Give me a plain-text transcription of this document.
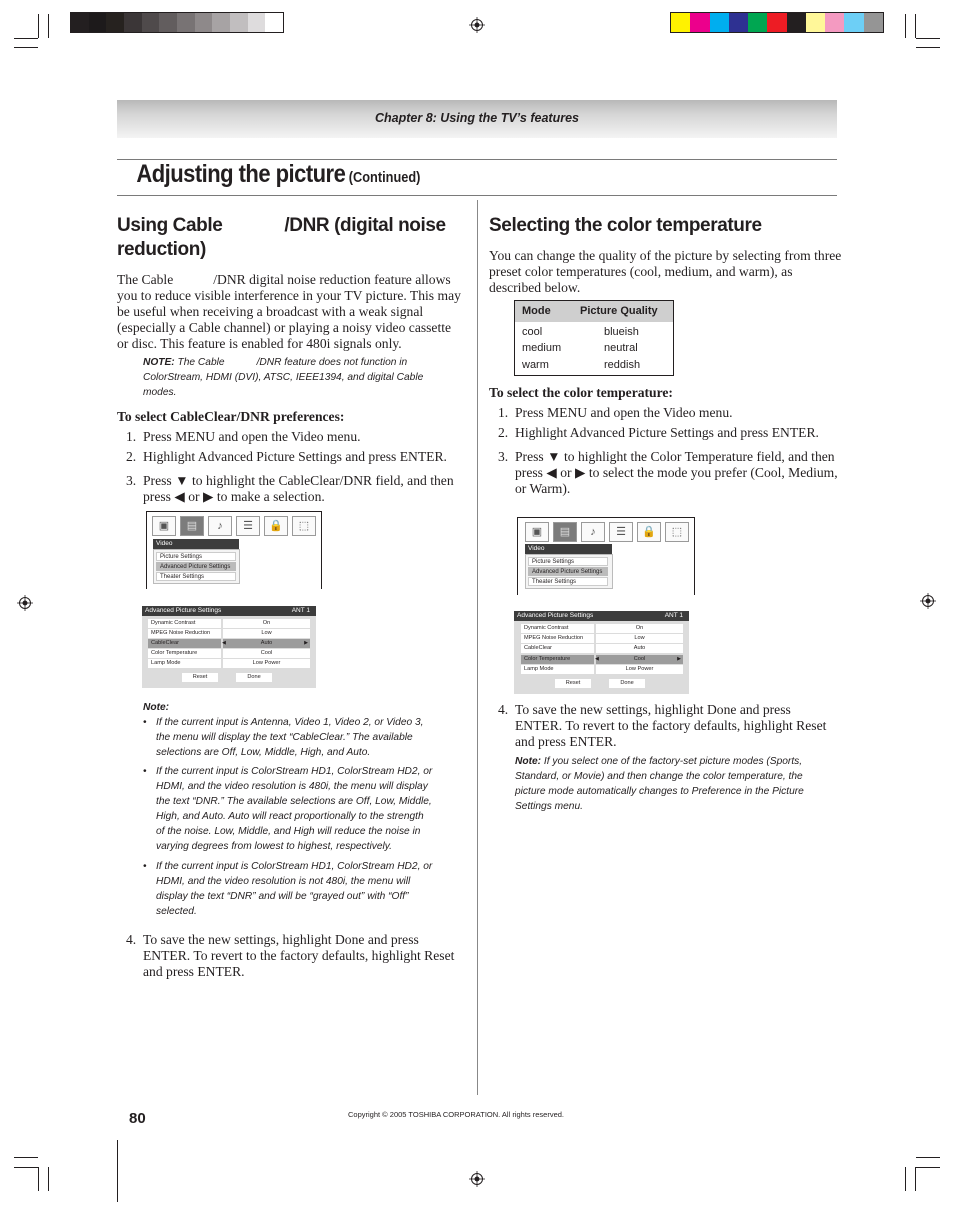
Chapter 8: Using the TV’s features
Adjusting the picture (Continued)
Using Cable	/DNR (digital noise
reduction)
The Cable	/DNR digital noise reduction feature allows
you to reduce visible interference in your TV picture. This may
be useful when receiving a broadcast with a weak signal
(especially a Cable channel) or playing a noisy video cassette
or disc. This feature is enabled for 480i signals only.
NOTE: The Cable	/DNR feature does not function in
ColorStream, HDMI (DVI), ATSC, IEEE1394, and digital Cable
modes.
To select CableClear/DNR preferences:
1. Press MENU and open the Video menu.
2. Highlight Advanced Picture Settings and press ENTER.
3. Press ▼ to highlight the CableClear/DNR field, and then
press ◀ or ▶ to make a selection.
▣	▤	♪	☰	🔒	⬚
Video
Picture Settings
Advanced Picture Settings
Theater Settings
Advanced Picture Settings	ANT 1
Dynamic Contrast	On
MPEG Noise Reduction	Low
CableClear	Auto
◀	▶
Color Temperature	Cool
Lamp Mode	Low Power
Reset	Done
Note:
• If the current input is Antenna, Video 1, Video 2, or Video 3,
the menu will display the text “CableClear.” The available
selections are Off, Low, Middle, High, and Auto.
• If the current input is ColorStream HD1, ColorStream HD2, or
HDMI, and the video resolution is 480i, the menu will display
the text “DNR.” The available selections are Off, Low, Middle,
High, and Auto. Auto will react proportionally to the strength
of the noise. Low, Middle, and High will reduce the noise in
varying degrees from lowest to highest, respectively.
• If the current input is ColorStream HD1, ColorStream HD2, or
HDMI, and the video resolution is not 480i, the menu will
display the text “DNR” and will be “grayed out” with “Off”
selected.
4. To save the new settings, highlight Done and press
ENTER. To revert to the factory defaults, highlight Reset
and press ENTER.
Selecting the color temperature
You can change the quality of the picture by selecting from three
preset color temperatures (cool, medium, and warm), as
described below.
Mode	Picture Quality
cool	blueish
medium	neutral
warm	reddish
To select the color temperature:
1. Press MENU and open the Video menu.
2. Highlight Advanced Picture Settings and press ENTER.
3. Press ▼ to highlight the Color Temperature field, and then
press ◀ or ▶ to select the mode you prefer (Cool, Medium,
or Warm).
▣	▤	♪	☰	🔒	⬚
Video
Picture Settings
Advanced Picture Settings
Theater Settings
Advanced Picture Settings	ANT 1
Dynamic Contrast	On
MPEG Noise Reduction	Low
CableClear	Auto
Color Temperature	Cool
◀	▶
Lamp Mode	Low Power
Reset	Done
4. To save the new settings, highlight Done and press
ENTER. To revert to the factory defaults, highlight Reset
and press ENTER.
Note: If you select one of the factory-set picture modes (Sports,
Standard, or Movie) and then change the color temperature, the
picture mode automatically changes to Preference in the Picture
Settings menu.
80	Copyright © 2005 TOSHIBA CORPORATION. All rights reserved.
